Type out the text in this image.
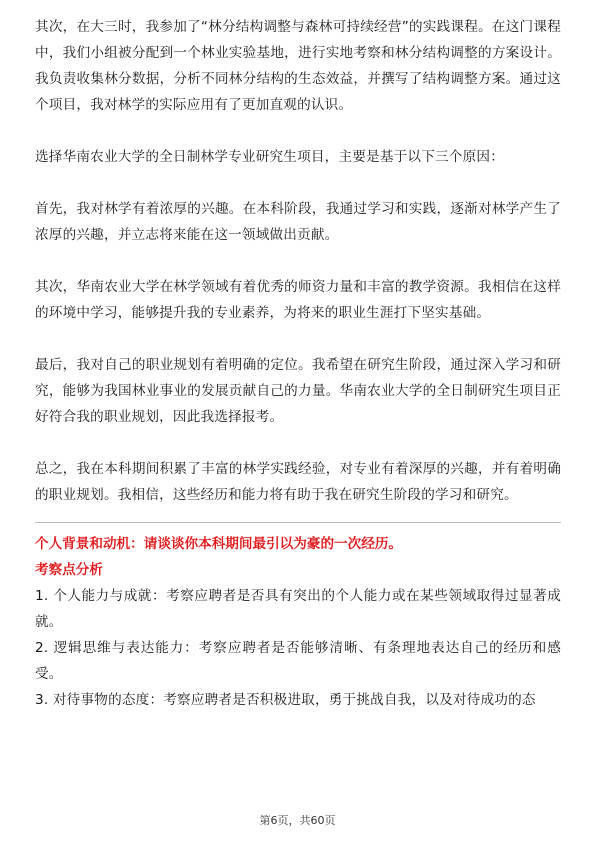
其次，在大三时，我参加了“林分结构调整与森林可持续经营”的实践课程。在这门课程中，我们小组被分配到一个林业实验基地，进行实地考察和林分结构调整的方案设计。我负责收集林分数据，分析不同林分结构的生态效益，并撰写了结构调整方案。通过这个项目，我对林学的实际应用有了更加直观的认识。

选择华南农业大学的全日制林学专业研究生项目，主要是基于以下三个原因：

首先，我对林学有着浓厚的兴趣。在本科阶段，我通过学习和实践，逐渐对林学产生了浓厚的兴趣，并立志将来能在这一领域做出贡献。

其次，华南农业大学在林学领域有着优秀的师资力量和丰富的教学资源。我相信在这样的环境中学习，能够提升我的专业素养，为将来的职业生涯打下坚实基础。

最后，我对自己的职业规划有着明确的定位。我希望在研究生阶段，通过深入学习和研究，能够为我国林业事业的发展贡献自己的力量。华南农业大学的全日制研究生项目正好符合我的职业规划，因此我选择报考。

总之，我在本科期间积累了丰富的林学实践经验，对专业有着深厚的兴趣，并有着明确的职业规划。我相信，这些经历和能力将有助于我在研究生阶段的学习和研究。

个人背景和动机：请谈谈你本科期间最引以为豪的一次经历。

考察点分析

1. 个人能力与成就：考察应聘者是否具有突出的个人能力或在某些领域取得过显著成就。

2. 逻辑思维与表达能力：考察应聘者是否能够清晰、有条理地表达自己的经历和感受。

3. 对待事物的态度：考察应聘者是否积极进取，勇于挑战自我，以及对待成功的态

第6页，共60页
